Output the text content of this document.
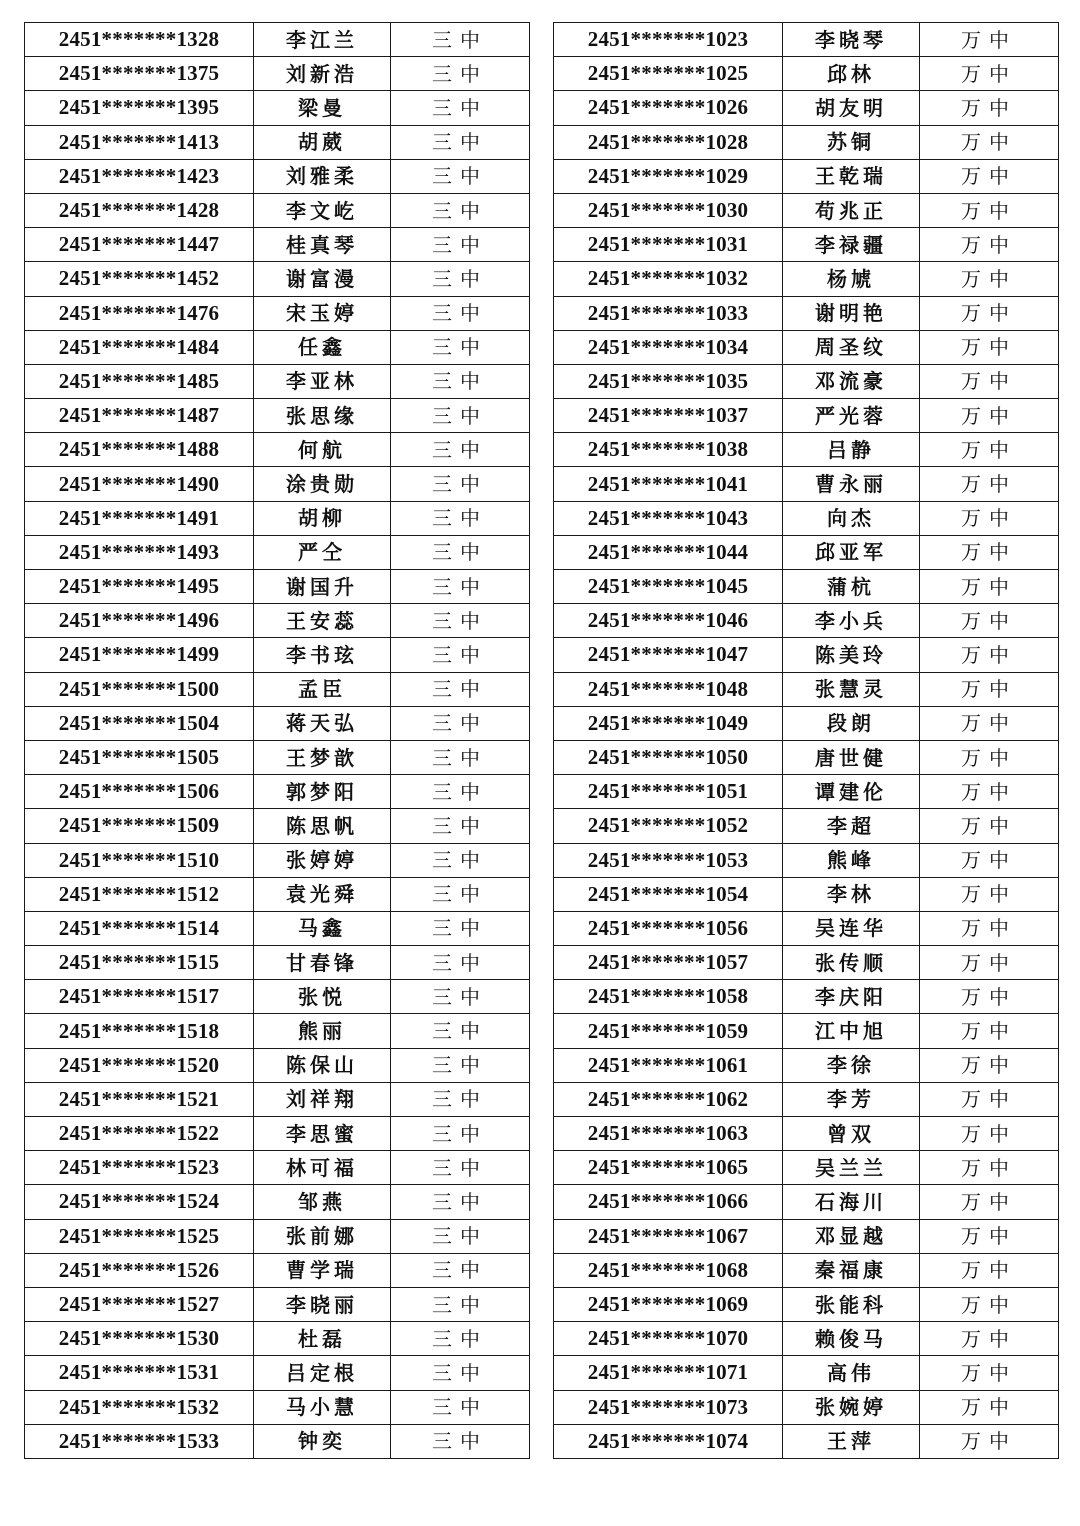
2451*******1328	李江兰	三中
2451*******1375	刘新浩	三中
2451*******1395	梁曼	三中
2451*******1413	胡葳	三中
2451*******1423	刘雅柔	三中
2451*******1428	李文屹	三中
2451*******1447	桂真琴	三中
2451*******1452	谢富漫	三中
2451*******1476	宋玉婷	三中
2451*******1484	任鑫	三中
2451*******1485	李亚林	三中
2451*******1487	张思缘	三中
2451*******1488	何航	三中
2451*******1490	涂贵勋	三中
2451*******1491	胡柳	三中
2451*******1493	严仝	三中
2451*******1495	谢国升	三中
2451*******1496	王安蕊	三中
2451*******1499	李书玹	三中
2451*******1500	孟臣	三中
2451*******1504	蒋天弘	三中
2451*******1505	王梦歆	三中
2451*******1506	郭梦阳	三中
2451*******1509	陈思帆	三中
2451*******1510	张婷婷	三中
2451*******1512	袁光舜	三中
2451*******1514	马鑫	三中
2451*******1515	甘春锋	三中
2451*******1517	张悦	三中
2451*******1518	熊丽	三中
2451*******1520	陈保山	三中
2451*******1521	刘祥翔	三中
2451*******1522	李思蜜	三中
2451*******1523	林可福	三中
2451*******1524	邹燕	三中
2451*******1525	张前娜	三中
2451*******1526	曹学瑞	三中
2451*******1527	李晓丽	三中
2451*******1530	杜磊	三中
2451*******1531	吕定根	三中
2451*******1532	马小慧	三中
2451*******1533	钟奕	三中
2451*******1023	李晓琴	万中
2451*******1025	邱林	万中
2451*******1026	胡友明	万中
2451*******1028	苏铜	万中
2451*******1029	王乾瑞	万中
2451*******1030	苟兆正	万中
2451*******1031	李禄疆	万中
2451*******1032	杨虓	万中
2451*******1033	谢明艳	万中
2451*******1034	周圣纹	万中
2451*******1035	邓流豪	万中
2451*******1037	严光蓉	万中
2451*******1038	吕静	万中
2451*******1041	曹永丽	万中
2451*******1043	向杰	万中
2451*******1044	邱亚军	万中
2451*******1045	蒲杭	万中
2451*******1046	李小兵	万中
2451*******1047	陈美玲	万中
2451*******1048	张慧灵	万中
2451*******1049	段朗	万中
2451*******1050	唐世健	万中
2451*******1051	谭建伦	万中
2451*******1052	李超	万中
2451*******1053	熊峰	万中
2451*******1054	李林	万中
2451*******1056	吴连华	万中
2451*******1057	张传顺	万中
2451*******1058	李庆阳	万中
2451*******1059	江中旭	万中
2451*******1061	李徐	万中
2451*******1062	李芳	万中
2451*******1063	曾双	万中
2451*******1065	吴兰兰	万中
2451*******1066	石海川	万中
2451*******1067	邓显越	万中
2451*******1068	秦福康	万中
2451*******1069	张能科	万中
2451*******1070	赖俊马	万中
2451*******1071	高伟	万中
2451*******1073	张婉婷	万中
2451*******1074	王萍	万中
